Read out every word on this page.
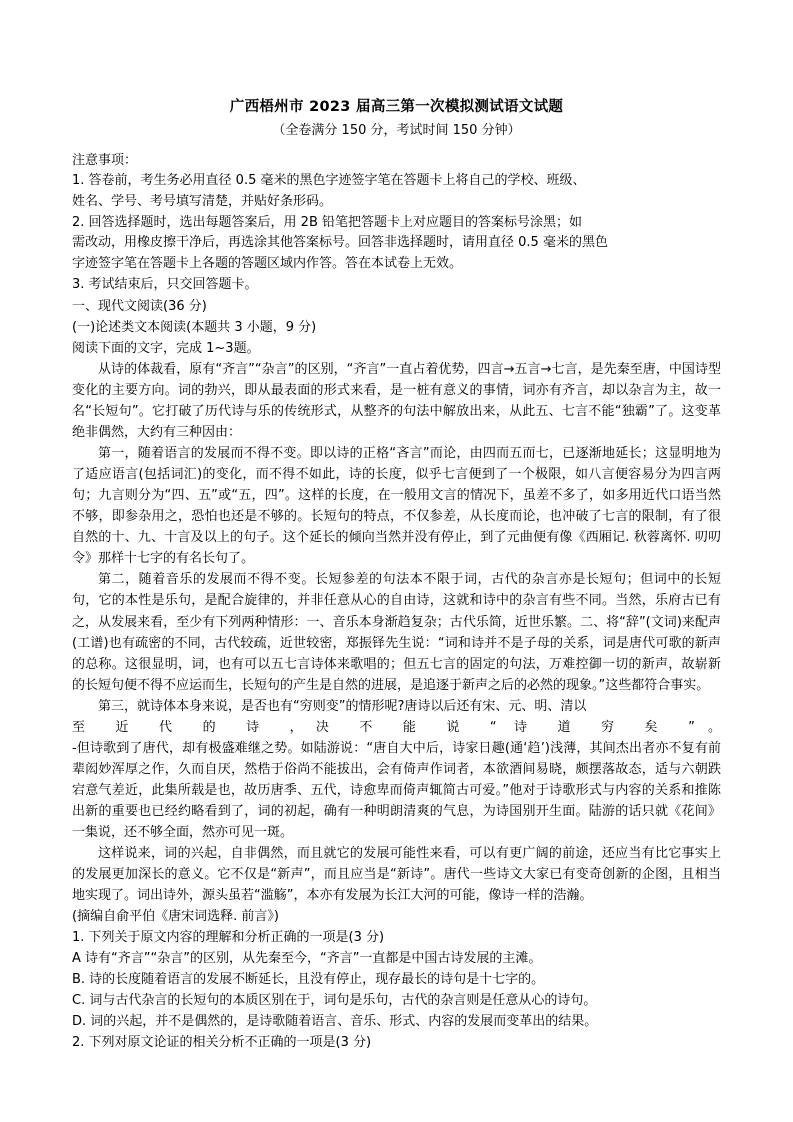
广西梧州市 2023 届高三第一次模拟测试语文试题
（全卷满分 150 分，考试时间 150 分钟）
注意事项：
1. 答卷前，考生务必用直径 0.5 毫米的黑色字迹签字笔在答题卡上将自己的学校、班级、
姓名、学号、考号填写清楚，并贴好条形码。
2. 回答选择题时，选出每题答案后，用 2B 铅笔把答题卡上对应题目的答案标号涂黑；如
需改动，用橡皮擦干净后，再选涂其他答案标号。回答非选择题时，请用直径 0.5 毫米的黑色
字迹签字笔在答题卡上各题的答题区域内作答。答在本试卷上无效。
3. 考试结束后，只交回答题卡。
一、现代文阅读(36 分)
(一)论述类文本阅读(本题共 3 小题，9 分)
阅读下面的文字，完成 1~3题。

从诗的体裁看，原有“齐言”“杂言”的区别，“齐言”一直占着优势，四言→五言→七言，是先秦至唐，中国诗型变化的主要方向。词的勃兴，即从最表面的形式来看，是一桩有意义的事情，词亦有齐言，却以杂言为主，故一名“长短句”。它打破了历代诗与乐的传统形式，从整齐的句法中解放出来，从此五、七言不能“独霸”了。这变革绝非偶然，大约有三种因由：

第一，随着语言的发展而不得不变。即以诗的正格“吝言”而论，由四而五而七，已逐渐地延长；这显明地为了适应语言(包括词汇)的变化，而不得不如此，诗的长度，似乎七言便到了一个极限，如八言便容易分为四言两句；九言则分为“四、五”或“五，四”。这样的长度，在一般用文言的情况下，虽差不多了，如多用近代口语当然不够，即参杂用之，恐怕也还是不够的。长短句的特点，不仅参差，从长度而论，也冲破了七言的限制，有了很自然的十、九、十言及以上的句子。这个延长的倾向当然并没有停止，到了元曲便有像《西厢记. 秋蓉离怀. 叨叨令》那样十七字的有名长句了。

第二，随着音乐的发展而不得不变。长短参差的句法本不限于词，古代的杂言亦是长短句；但词中的长短句，它的本性是乐句，是配合旋律的，并非任意从心的自由诗，这就和诗中的杂言有些不同。当然，乐府古已有之，从发展来看，至少有下列两种情形：一、音乐本身渐趋复杂；古代乐简，近世乐繁。二、将“辞”(文词)来配声(工谱)也有疏密的不同，古代较疏，近世较密，郑振铎先生说：“词和诗并不是子母的关系，词是唐代可歌的新声的总称。这很显明，词，也有可以五七言诗体来歌唱的；但五七言的固定的句法，万难控御一切的新声，故崭新的长短句便不得不应运而生，长短句的产生是自然的进展，是追逐于新声之后的必然的现象。”这些都符合事实。

第三，就诗体本身来说，是否也有“穷则变”的情形呢?唐诗以后还有宋、元、明、清以

至 近 代 的 诗 ，决 不 能 说 “ 诗 道 穷 矣 ”。

-但诗歌到了唐代，却有极盛难继之势。如陆游说：“唐自大中后，诗家日趣(通‘趋’)浅薄，其间杰出者亦不复有前辈闳妙浑厚之作，久而自厌，然梏于俗尚不能拔出，会有倚声作词者，本欲酒间易晓，颇摆落故态，适与六朝跌宕意气差近，此集所载是也，故历唐季、五代，诗愈卑而倚声辄简古可爱。”他对于诗歌形式与内容的关系和推陈出新的重要也已经约略看到了，词的初起，确有一种明朗清爽的气息，为诗国别开生面。陆游的话只就《花间》一集说，还不够全面，然亦可见一斑。

这样说来，词的兴起，自非偶然，而且就它的发展可能性来看，可以有更广阔的前途，还应当有比它事实上的发展更加深长的意义。它不仅是“新声”，而且应当是“新诗”。唐代一些诗文大家已有变奇创新的企图，且相当地实现了。词出诗外，源头虽若“滥觞”，本亦有发展为长江大河的可能，像诗一样的浩瀚。

(摘编自俞平伯《唐宋词选释. 前言》)
1. 下列关于原文内容的理解和分析正确的一项是(3 分)
A 诗有“齐言”“杂言”的区别，从先秦至今，“齐言”一直都是中国古诗发展的主滩。
B. 诗的长度随着语言的发展不断延长，且没有停止，现存最长的诗句是十七字的。
C. 词与古代杂言的长短句的本质区别在于，词句是乐句，古代的杂言则是任意从心的诗句。
D. 词的兴起，并不是偶然的，是诗歌随着语言、音乐、形式、内容的发展而变革出的结果。
2. 下列对原文论证的相关分析不正确的一项是(3 分)
